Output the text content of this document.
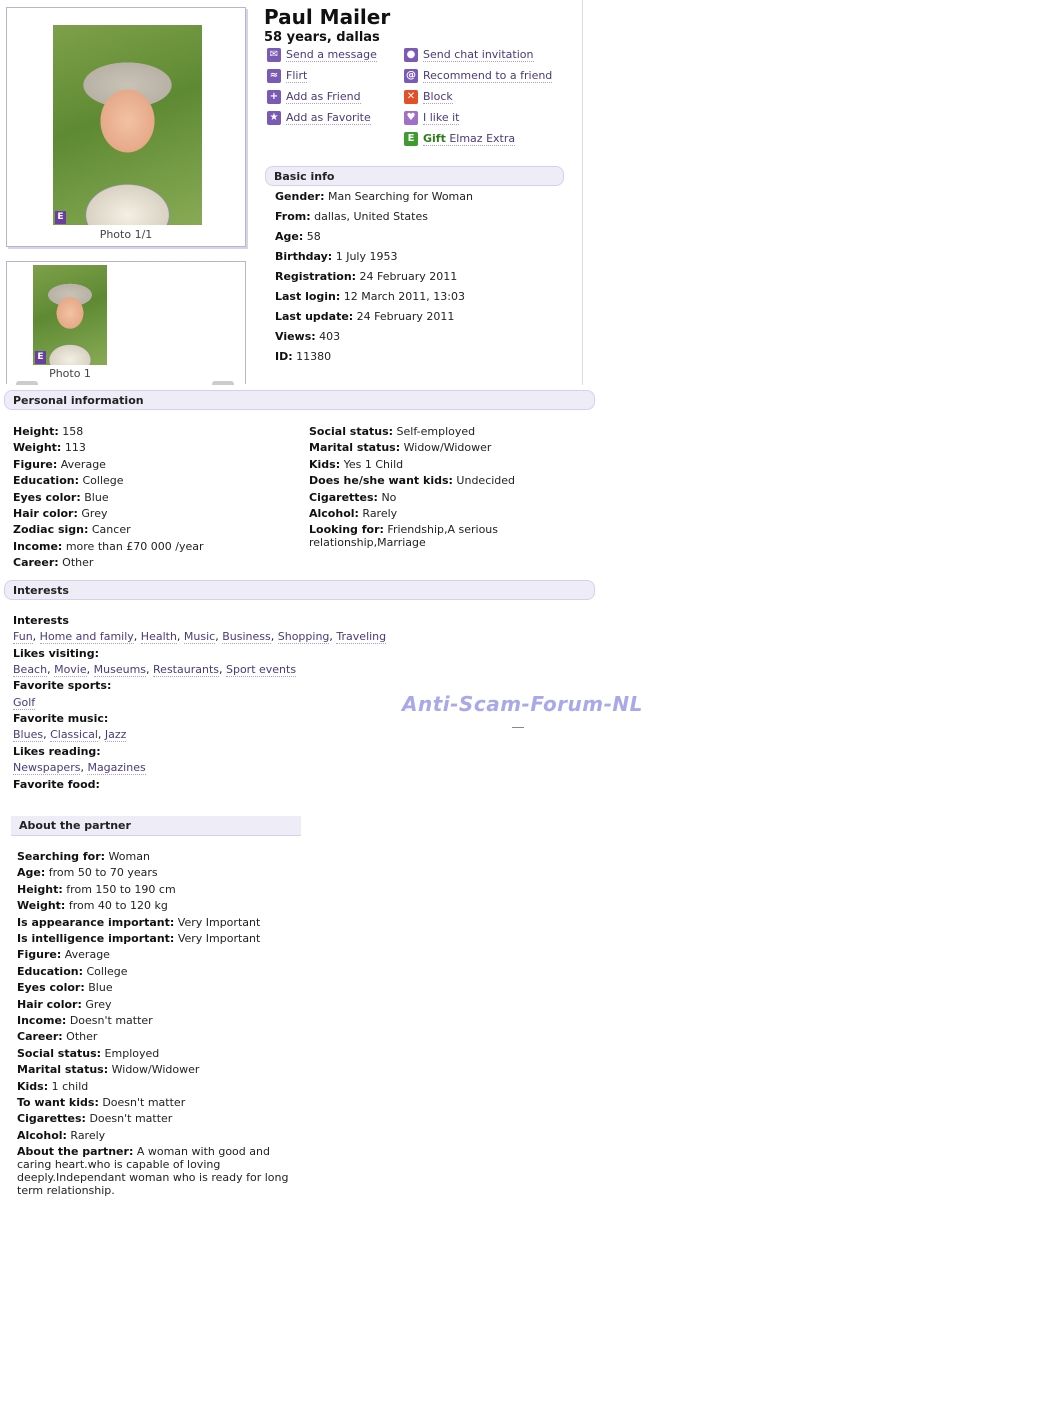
E
Photo 1/1
E
Photo 1
Paul Mailer
58 years, dallas
✉ Send a message	● Send chat invitation
≈ Flirt	@ Recommend to a friend
+ Add as Friend	✕ Block
★ Add as Favorite	♥ I like it
E Gift Elmaz Extra
Basic info
Gender: Man Searching for Woman
From: dallas, United States
Age: 58
Birthday: 1 July 1953
Registration: 24 February 2011
Last login: 12 March 2011, 13:03
Last update: 24 February 2011
Views: 403
ID: 11380
Personal information
Height: 158
Weight: 113
Figure: Average
Education: College
Eyes color: Blue
Hair color: Grey
Zodiac sign: Cancer
Income: more than £70 000 /year
Career: Other
Social status: Self-employed
Marital status: Widow/Widower
Kids: Yes 1 Child
Does he/she want kids: Undecided
Cigarettes: No
Alcohol: Rarely
Looking for: Friendship,A serious relationship,Marriage
Interests
Interests
Fun, Home and family, Health, Music, Business, Shopping, Traveling
Likes visiting:
Beach, Movie, Museums, Restaurants, Sport events
Favorite sports:
Golf
Favorite music:
Blues, Classical, Jazz
Likes reading:
Newspapers, Magazines
Favorite food:
Anti-Scam-Forum-NL
About the partner
Searching for: Woman
Age: from 50 to 70 years
Height: from 150 to 190 cm
Weight: from 40 to 120 kg
Is appearance important: Very Important
Is intelligence important: Very Important
Figure: Average
Education: College
Eyes color: Blue
Hair color: Grey
Income: Doesn't matter
Career: Other
Social status: Employed
Marital status: Widow/Widower
Kids: 1 child
To want kids: Doesn't matter
Cigarettes: Doesn't matter
Alcohol: Rarely
About the partner: A woman with good and caring heart.who is capable of loving deeply.Independant woman who is ready for long term relationship.
